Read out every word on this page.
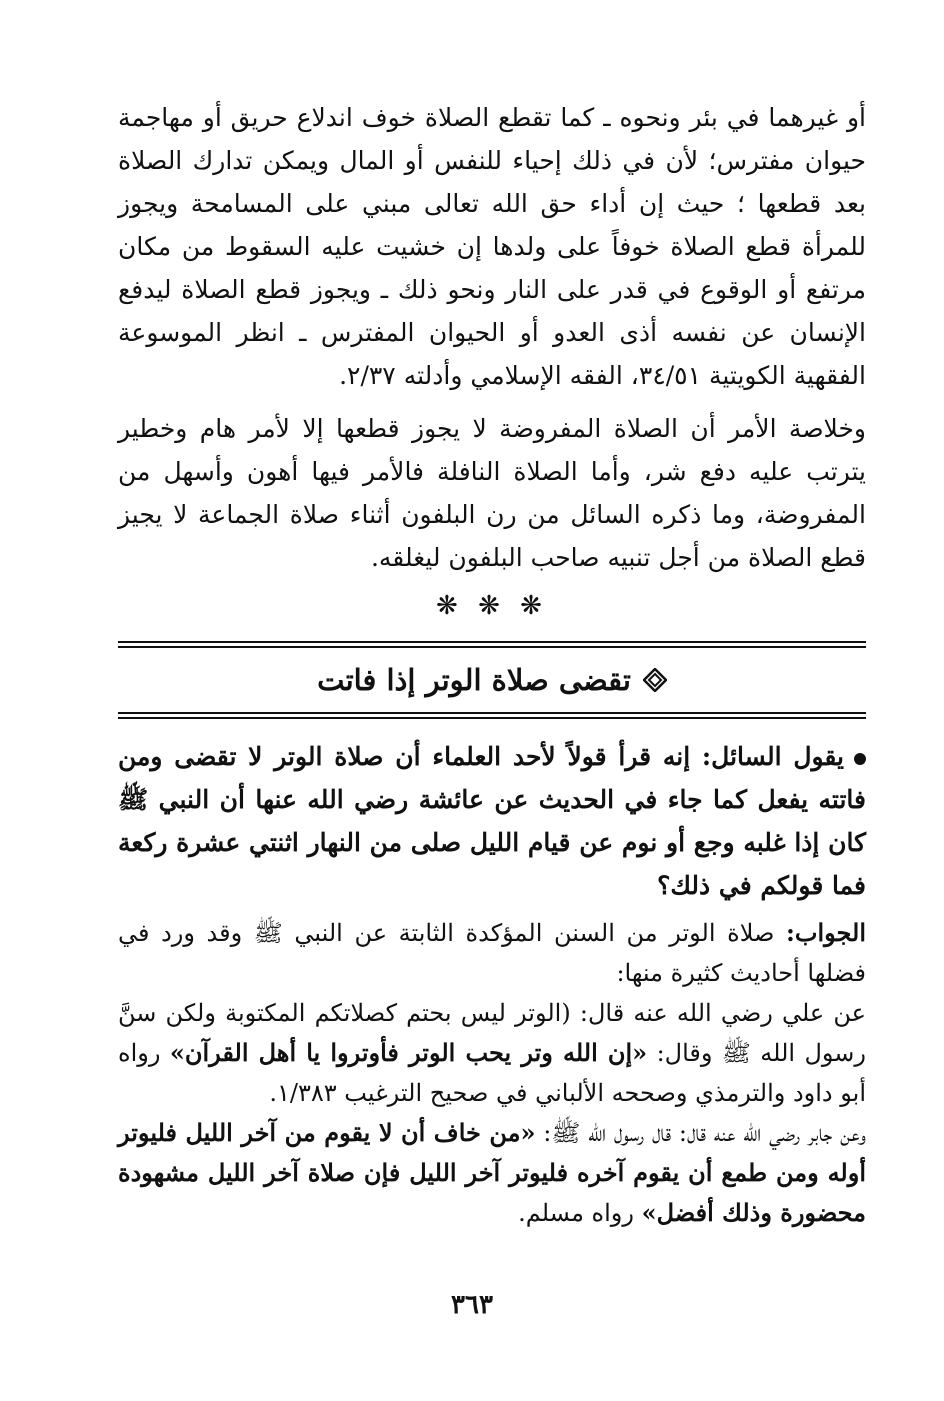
أو غيرهما في بئر ونحوه ـ كما تقطع الصلاة خوف اندلاع حريق أو مهاجمة حيوان مفترس؛ لأن في ذلك إحياء للنفس أو المال ويمكن تدارك الصلاة بعد قطعها ؛ حيث إن أداء حق الله تعالى مبني على المسامحة ويجوز للمرأة قطع الصلاة خوفاً على ولدها إن خشيت عليه السقوط من مكان مرتفع أو الوقوع في قدر على النار ونحو ذلك ـ ويجوز قطع الصلاة ليدفع الإنسان عن نفسه أذى العدو أو الحيوان المفترس ـ انظر الموسوعة الفقهية الكويتية ٣٤/٥١، الفقه الإسلامي وأدلته ٢/٣٧.

وخلاصة الأمر أن الصلاة المفروضة لا يجوز قطعها إلا لأمر هام وخطير يترتب عليه دفع شر، وأما الصلاة النافلة فالأمر فيها أهون وأسهل من المفروضة، وما ذكره السائل من رن البلفون أثناء صلاة الجماعة لا يجيز قطع الصلاة من أجل تنبيه صاحب البلفون ليغلقه.

❋ ❋ ❋
تقضى صلاة الوتر إذا فاتت

يقول السائل: إنه قرأ قولاً لأحد العلماء أن صلاة الوتر لا تقضى ومن فاتته يفعل كما جاء في الحديث عن عائشة رضي الله عنها أن النبي ﷺ كان إذا غلبه وجع أو نوم عن قيام الليل صلى من النهار اثنتي عشرة ركعة فما قولكم في ذلك؟

الجواب: صلاة الوتر من السنن المؤكدة الثابتة عن النبي ﷺ وقد ورد في فضلها أحاديث كثيرة منها:

عن علي رضي الله عنه قال: (الوتر ليس بحتم كصلاتكم المكتوبة ولكن سنَّ رسول الله ﷺ وقال: «إن الله وتر يحب الوتر فأوتروا يا أهل القرآن» رواه أبو داود والترمذي وصححه الألباني في صحيح الترغيب ١/٣٨٣.

وعن جابر رضي الله عنه قال: قال رسول الله ﷺ: «من خاف أن لا يقوم من آخر الليل فليوتر أوله ومن طمع أن يقوم آخره فليوتر آخر الليل فإن صلاة آخر الليل مشهودة محضورة وذلك أفضل» رواه مسلم.

٣٦٣
